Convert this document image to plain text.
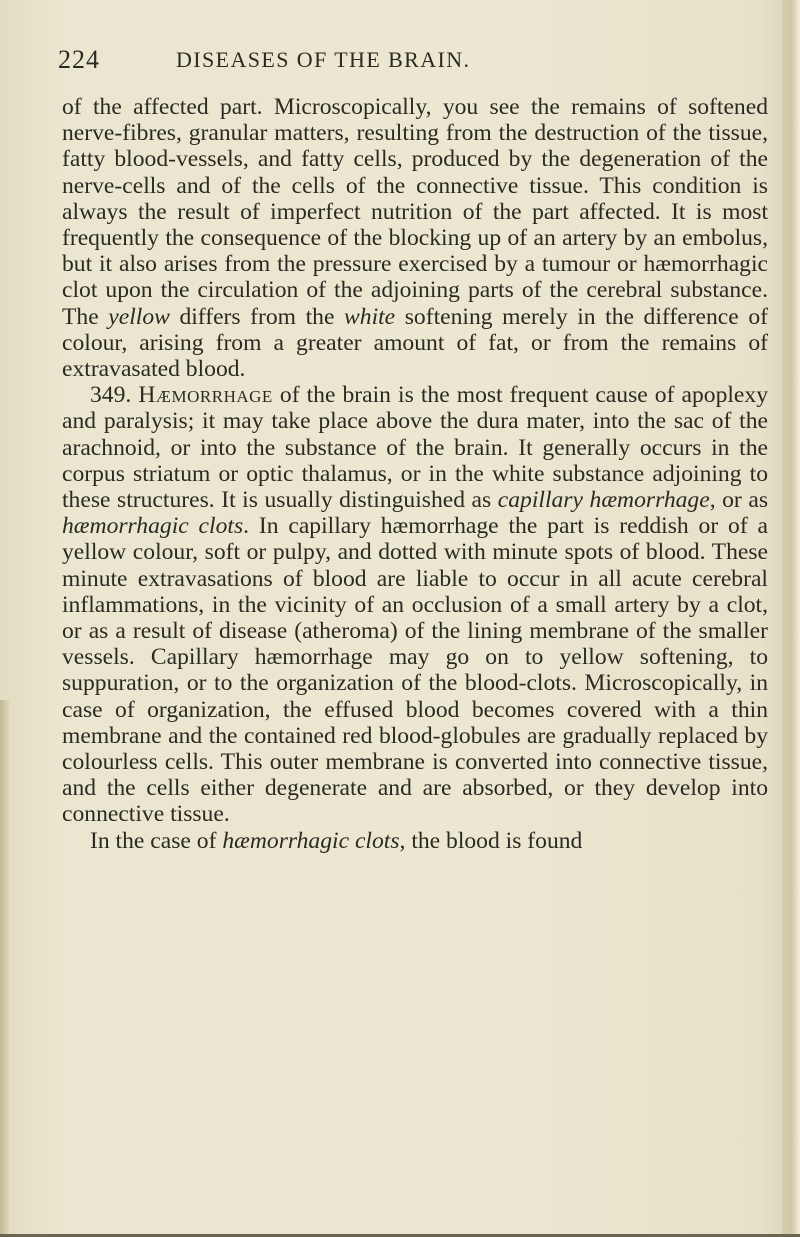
224	DISEASES OF THE BRAIN.

of the affected part. Microscopically, you see the remains of softened nerve-fibres, granular matters, resulting from the destruction of the tissue, fatty blood-vessels, and fatty cells, produced by the degeneration of the nerve-cells and of the cells of the connective tissue. This condition is always the result of imperfect nutrition of the part affected. It is most frequently the consequence of the blocking up of an artery by an embolus, but it also arises from the pressure exercised by a tumour or hæmorrhagic clot upon the circulation of the adjoining parts of the cerebral substance. The yellow differs from the white softening merely in the difference of colour, arising from a greater amount of fat, or from the remains of extravasated blood.

349. Hæmorrhage of the brain is the most frequent cause of apoplexy and paralysis; it may take place above the dura mater, into the sac of the arachnoid, or into the substance of the brain. It generally occurs in the corpus striatum or optic thalamus, or in the white substance adjoining to these structures. It is usually distinguished as capillary hæmorrhage, or as hæmorrhagic clots. In capillary hæmorrhage the part is reddish or of a yellow colour, soft or pulpy, and dotted with minute spots of blood. These minute extravasations of blood are liable to occur in all acute cerebral inflammations, in the vicinity of an occlusion of a small artery by a clot, or as a result of disease (atheroma) of the lining membrane of the smaller vessels. Capillary hæmorrhage may go on to yellow softening, to suppuration, or to the organization of the blood-clots. Microscopically, in case of organization, the effused blood becomes covered with a thin membrane and the contained red blood-globules are gradually replaced by colourless cells. This outer membrane is converted into connective tissue, and the cells either degenerate and are absorbed, or they develop into connective tissue.

In the case of hæmorrhagic clots, the blood is found
